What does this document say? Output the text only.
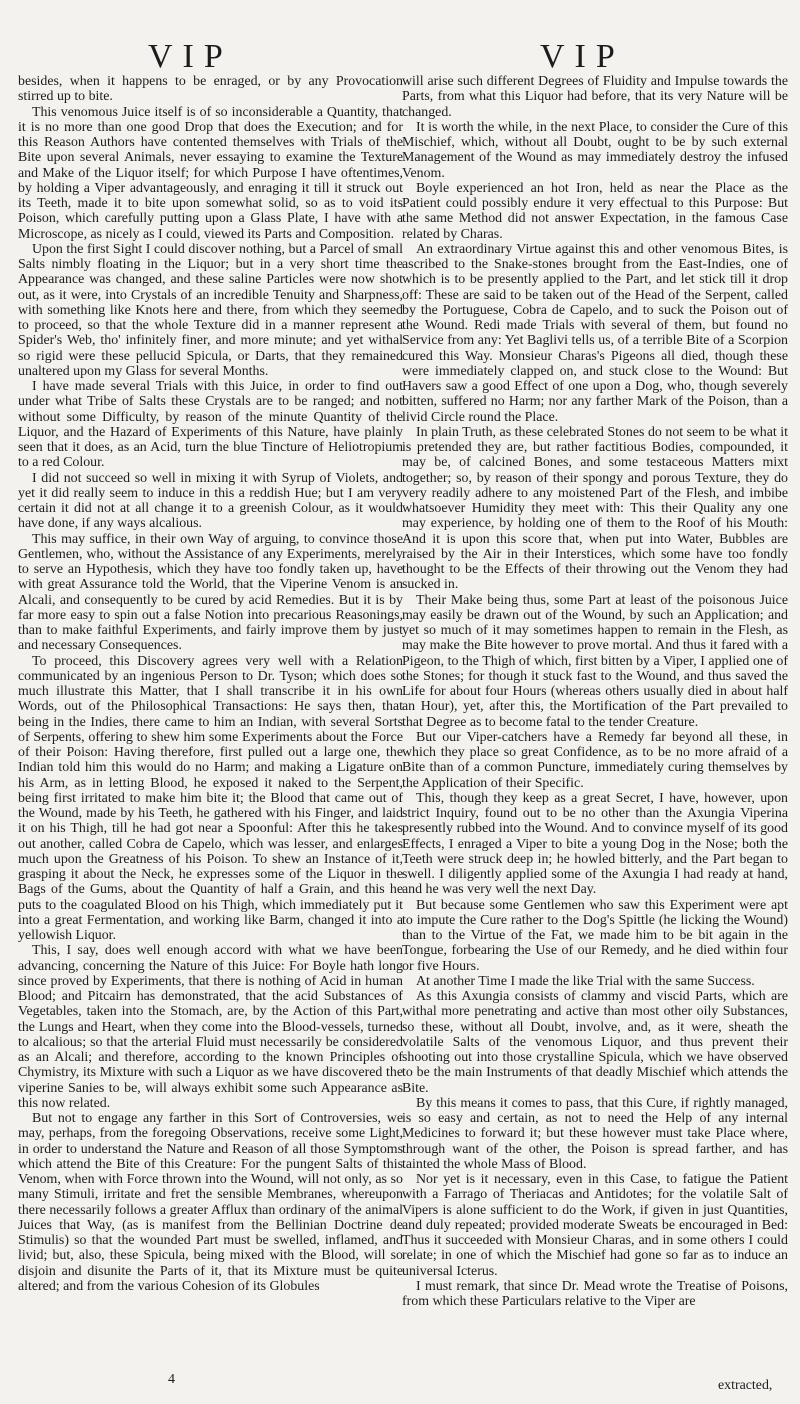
VIP	VIP

besides, when it happens to be enraged, or by any Provocation stirred up to bite.

This venomous Juice itself is of so inconsiderable a Quantity, that it is no more than one good Drop that does the Execution; and for this Reason Authors have contented themselves with Trials of the Bite upon several Animals, never essaying to examine the Texture and Make of the Liquor itself; for which Purpose I have oftentimes, by holding a Viper advantageously, and enraging it till it struck out its Teeth, made it to bite upon somewhat solid, so as to void its Poison, which carefully putting upon a Glass Plate, I have with a Microscope, as nicely as I could, viewed its Parts and Composition.

Upon the first Sight I could discover nothing, but a Parcel of small Salts nimbly floating in the Liquor; but in a very short time the Appearance was changed, and these saline Particles were now shot out, as it were, into Crystals of an incredible Tenuity and Sharpness, with something like Knots here and there, from which they seemed to proceed, so that the whole Texture did in a manner represent a Spider's Web, tho' infinitely finer, and more minute; and yet withal so rigid were these pellucid Spicula, or Darts, that they remained unaltered upon my Glass for several Months.

I have made several Trials with this Juice, in order to find out under what Tribe of Salts these Crystals are to be ranged; and not without some Difficulty, by reason of the minute Quantity of the Liquor, and the Hazard of Experiments of this Nature, have plainly seen that it does, as an Acid, turn the blue Tincture of Heliotropium to a red Colour.

I did not succeed so well in mixing it with Syrup of Violets, and yet it did really seem to induce in this a reddish Hue; but I am very certain it did not at all change it to a greenish Colour, as it would have done, if any ways alcalious.

This may suffice, in their own Way of arguing, to convince those Gentlemen, who, without the Assistance of any Experiments, merely to serve an Hypothesis, which they have too fondly taken up, have with great Assurance told the World, that the Viperine Venom is an Alcali, and consequently to be cured by acid Remedies. But it is by far more easy to spin out a false Notion into precarious Reasonings, than to make faithful Experiments, and fairly improve them by just and necessary Consequences.

To proceed, this Discovery agrees very well with a Relation communicated by an ingenious Person to Dr. Tyson; which does so much illustrate this Matter, that I shall transcribe it in his own Words, out of the Philosophical Transactions: He says then, that being in the Indies, there came to him an Indian, with several Sorts of Serpents, offering to shew him some Experiments about the Force of their Poison: Having therefore, first pulled out a large one, the Indian told him this would do no Harm; and making a Ligature on his Arm, as in letting Blood, he exposed it naked to the Serpent, being first irritated to make him bite it; the Blood that came out of the Wound, made by his Teeth, he gathered with his Finger, and laid it on his Thigh, till he had got near a Spoonful: After this he takes out another, called Cobra de Capelo, which was lesser, and enlarges much upon the Greatness of his Poison. To shew an Instance of it, grasping it about the Neck, he expresses some of the Liquor in the Bags of the Gums, about the Quantity of half a Grain, and this he puts to the coagulated Blood on his Thigh, which immediately put it into a great Fermentation, and working like Barm, changed it into a yellowish Liquor.

This, I say, does well enough accord with what we have been advancing, concerning the Nature of this Juice: For Boyle hath long since proved by Experiments, that there is nothing of Acid in human Blood; and Pitcairn has demonstrated, that the acid Substances of Vegetables, taken into the Stomach, are, by the Action of this Part, the Lungs and Heart, when they come into the Blood-vessels, turned to alcalious; so that the arterial Fluid must necessarily be considered as an Alcali; and therefore, according to the known Principles of Chymistry, its Mixture with such a Liquor as we have discovered the viperine Sanies to be, will always exhibit some such Appearance as this now related.

But not to engage any farther in this Sort of Controversies, we may, perhaps, from the foregoing Observations, receive some Light, in order to understand the Nature and Reason of all those Symptoms which attend the Bite of this Creature: For the pungent Salts of this Venom, when with Force thrown into the Wound, will not only, as so many Stimuli, irritate and fret the sensible Membranes, whereupon there necessarily follows a greater Afflux than ordinary of the animal Juices that Way, (as is manifest from the Bellinian Doctrine de Stimulis) so that the wounded Part must be swelled, inflamed, and livid; but, also, these Spicula, being mixed with the Blood, will so disjoin and disunite the Parts of it, that its Mixture must be quite altered; and from the various Cohesion of its Globules

will arise such different Degrees of Fluidity and Impulse towards the Parts, from what this Liquor had before, that its very Nature will be changed.

It is worth the while, in the next Place, to consider the Cure of this Mischief, which, without all Doubt, ought to be by such external Management of the Wound as may immediately destroy the infused Venom.

Boyle experienced an hot Iron, held as near the Place as the Patient could possibly endure it very effectual to this Purpose: But the same Method did not answer Expectation, in the famous Case related by Charas.

An extraordinary Virtue against this and other venomous Bites, is ascribed to the Snake-stones brought from the East-Indies, one of which is to be presently applied to the Part, and let stick till it drop off: These are said to be taken out of the Head of the Serpent, called by the Portuguese, Cobra de Capelo, and to suck the Poison out of the Wound. Redi made Trials with several of them, but found no Service from any: Yet Baglivi tells us, of a terrible Bite of a Scorpion cured this Way. Monsieur Charas's Pigeons all died, though these were immediately clapped on, and stuck close to the Wound: But Havers saw a good Effect of one upon a Dog, who, though severely bitten, suffered no Harm; nor any farther Mark of the Poison, than a livid Circle round the Place.

In plain Truth, as these celebrated Stones do not seem to be what it is pretended they are, but rather factitious Bodies, compounded, it may be, of calcined Bones, and some testaceous Matters mixt together; so, by reason of their spongy and porous Texture, they do very readily adhere to any moistened Part of the Flesh, and imbibe whatsoever Humidity they meet with: This their Quality any one may experience, by holding one of them to the Roof of his Mouth: And it is upon this score that, when put into Water, Bubbles are raised by the Air in their Interstices, which some have too fondly thought to be the Effects of their throwing out the Venom they had sucked in.

Their Make being thus, some Part at least of the poisonous Juice may easily be drawn out of the Wound, by such an Application; and yet so much of it may sometimes happen to remain in the Flesh, as may make the Bite however to prove mortal. And thus it fared with a Pigeon, to the Thigh of which, first bitten by a Viper, I applied one of the Stones; for though it stuck fast to the Wound, and thus saved the Life for about four Hours (whereas others usually died in about half an Hour), yet, after this, the Mortification of the Part prevailed to that Degree as to become fatal to the tender Creature.

But our Viper-catchers have a Remedy far beyond all these, in which they place so great Confidence, as to be no more afraid of a Bite than of a common Puncture, immediately curing themselves by the Application of their Specific.

This, though they keep as a great Secret, I have, however, upon strict Inquiry, found out to be no other than the Axungia Viperina presently rubbed into the Wound. And to convince myself of its good Effects, I enraged a Viper to bite a young Dog in the Nose; both the Teeth were struck deep in; he howled bitterly, and the Part began to swell. I diligently applied some of the Axungia I had ready at hand, and he was very well the next Day.

But because some Gentlemen who saw this Experiment were apt to impute the Cure rather to the Dog's Spittle (he licking the Wound) than to the Virtue of the Fat, we made him to be bit again in the Tongue, forbearing the Use of our Remedy, and he died within four or five Hours.

At another Time I made the like Trial with the same Success.

As this Axungia consists of clammy and viscid Parts, which are withal more penetrating and active than most other oily Substances, so these, without all Doubt, involve, and, as it were, sheath the volatile Salts of the venomous Liquor, and thus prevent their shooting out into those crystalline Spicula, which we have observed to be the main Instruments of that deadly Mischief which attends the Bite.

By this means it comes to pass, that this Cure, if rightly managed, is so easy and certain, as not to need the Help of any internal Medicines to forward it; but these however must take Place where, through want of the other, the Poison is spread farther, and has tainted the whole Mass of Blood.

Nor yet is it necessary, even in this Case, to fatigue the Patient with a Farrago of Theriacas and Antidotes; for the volatile Salt of Vipers is alone sufficient to do the Work, if given in just Quantities, and duly repeated; provided moderate Sweats be encouraged in Bed: Thus it succeeded with Monsieur Charas, and in some others I could relate; in one of which the Mischief had gone so far as to induce an universal Icterus.

I must remark, that since Dr. Mead wrote the Treatise of Poisons, from which these Particulars relative to the Viper are

4	extracted,
